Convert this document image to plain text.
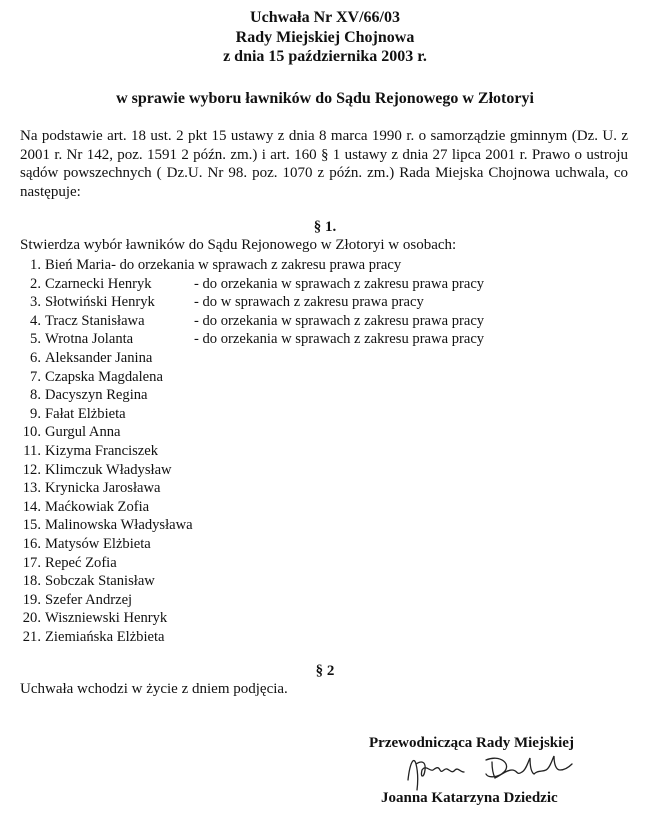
Uchwała Nr XV/66/03
Rady Miejskiej Chojnowa
z dnia 15 października 2003 r.
w sprawie wyboru ławników do Sądu Rejonowego w Złotoryi
Na podstawie art. 18 ust. 2 pkt 15 ustawy z dnia 8 marca 1990 r. o samorządzie gminnym (Dz. U. z 2001 r. Nr 142, poz. 1591 2 późn. zm.) i art. 160 § 1 ustawy z dnia 27 lipca 2001 r. Prawo o ustroju sądów powszechnych ( Dz.U. Nr 98. poz. 1070 z późn. zm.) Rada Miejska Chojnowa uchwala, co następuje:
§ 1.
Stwierdza wybór ławników do Sądu Rejonowego w Złotoryi w osobach:
1. Bień Maria- do orzekania w sprawach z zakresu prawa pracy
2. Czarnecki Henryk	- do orzekania w sprawach z zakresu prawa pracy
3. Słotwiński Henryk	- do w sprawach z zakresu prawa pracy
4. Tracz Stanisława	- do orzekania w sprawach z zakresu prawa pracy
5. Wrotna Jolanta	- do orzekania w sprawach z zakresu prawa pracy
6. Aleksander Janina
7. Czapska Magdalena
8. Dacyszyn Regina
9. Fałat Elżbieta
10. Gurgul Anna
11. Kizyma Franciszek
12. Klimczuk Władysław
13. Krynicka Jarosława
14. Maćkowiak Zofia
15. Malinowska Władysława
16. Matysów Elżbieta
17. Repeć Zofia
18. Sobczak Stanisław
19. Szefer Andrzej
20. Wiszniewski Henryk
21. Ziemiańska Elżbieta
§ 2
Uchwała wchodzi w życie z dniem podjęcia.
Przewodnicząca Rady Miejskiej
Joanna Katarzyna Dziedzic
